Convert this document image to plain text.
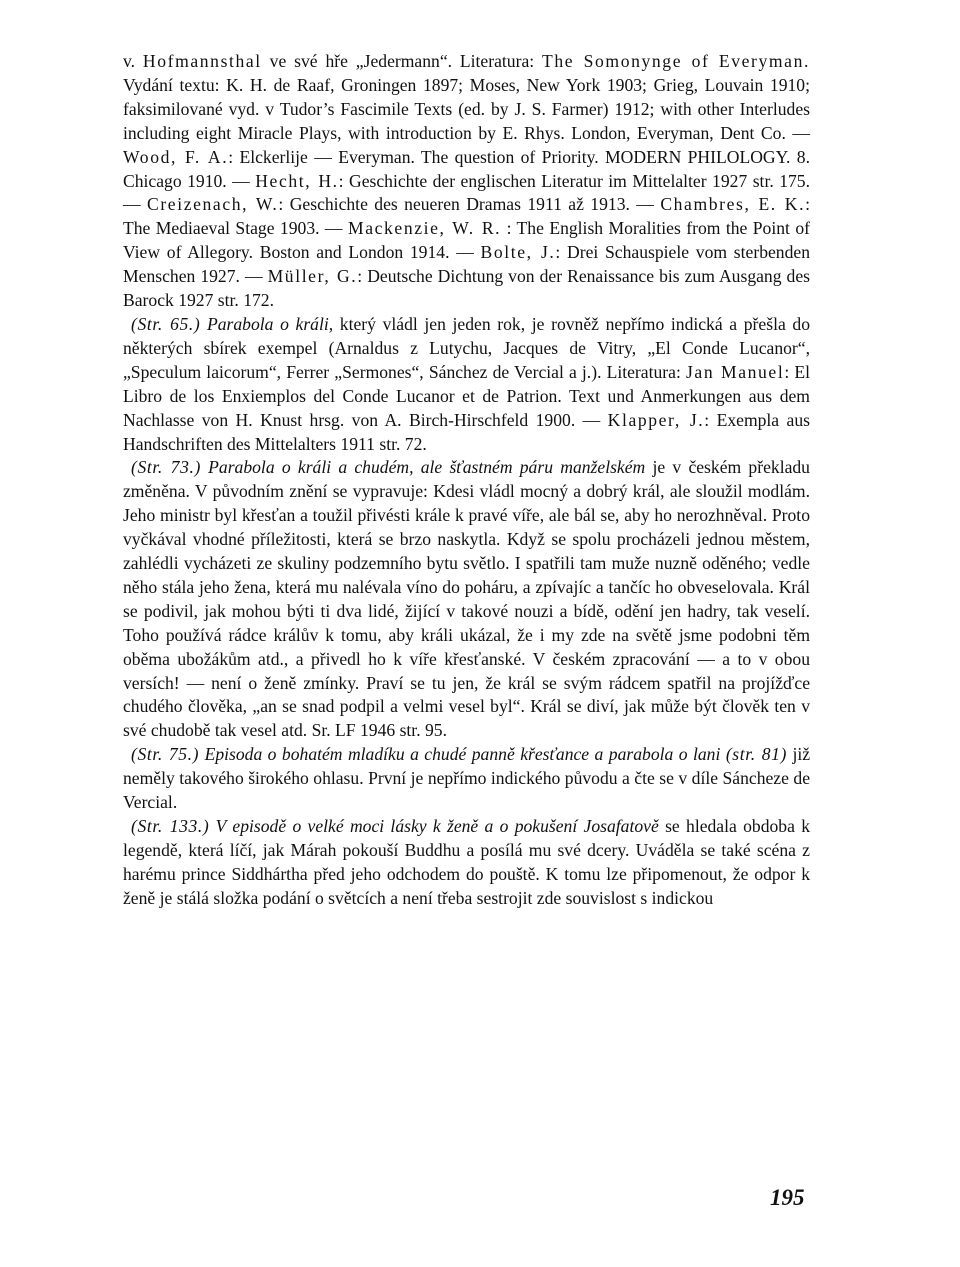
v. Hofmannsthal ve své hře „Jedermann“. Literatura: The Somonynge of Everyman. Vydání textu: K. H. de Raaf, Groningen 1897; Moses, New York 1903; Grieg, Louvain 1910; faksimilované vyd. v Tudor’s Fascimile Texts (ed. by J. S. Farmer) 1912; with other Interludes including eight Miracle Plays, with introduction by E. Rhys. London, Everyman, Dent Co. — Wood, F. A.: Elckerlije — Everyman. The question of Priority. MODERN PHILOLOGY. 8. Chicago 1910. — Hecht, H.: Geschichte der englischen Literatur im Mittelalter 1927 str. 175. — Creizenach, W.: Geschichte des neueren Dramas 1911 až 1913. — Chambres, E. K.: The Mediaeval Stage 1903. — Mackenzie, W. R. : The English Moralities from the Point of View of Allegory. Boston and London 1914. — Bolte, J.: Drei Schauspiele vom sterbenden Menschen 1927. — Müller, G.: Deutsche Dichtung von der Renaissance bis zum Ausgang des Barock 1927 str. 172.

(Str. 65.) Parabola o králi, který vládl jen jeden rok, je rovněž nepřímo indická a přešla do některých sbírek exempel (Arnaldus z Lutychu, Jacques de Vitry, „El Conde Lucanor“, „Speculum laicorum“, Ferrer „Sermones“, Sánchez de Vercial a j.). Literatura: Jan Manuel: El Libro de los Enxiemplos del Conde Lucanor et de Patrion. Text und Anmerkungen aus dem Nachlasse von H. Knust hrsg. von A. Birch-Hirschfeld 1900. — Klapper, J.: Exempla aus Handschriften des Mittelalters 1911 str. 72.

(Str. 73.) Parabola o králi a chudém, ale šťastném páru manželském je v českém překladu změněna. V původním znění se vypravuje: Kdesi vládl mocný a dobrý král, ale sloužil modlám. Jeho ministr byl křesťan a toužil přivésti krále k pravé víře, ale bál se, aby ho nerozhněval. Proto vyčkával vhodné příležitosti, která se brzo naskytla. Když se spolu procházeli jednou městem, zahlédli vycházeti ze skuliny podzemního bytu světlo. I spatřili tam muže nuzně oděného; vedle něho stála jeho žena, která mu nalévala víno do poháru, a zpívajíc a tančíc ho obveselovala. Král se podivil, jak mohou býti ti dva lidé, žijící v takové nouzi a bídě, odění jen hadry, tak veselí. Toho používá rádce králův k tomu, aby králi ukázal, že i my zde na světě jsme podobni těm oběma ubožákům atd., a přivedl ho k víře křesťanské. V českém zpracování — a to v obou versích! — není o ženě zmínky. Praví se tu jen, že král se svým rádcem spatřil na projížďce chudého člověka, „an se snad podpil a velmi vesel byl“. Král se diví, jak může být člověk ten v své chudobě tak vesel atd. Sr. LF 1946 str. 95.

(Str. 75.) Episoda o bohatém mladíku a chudé panně křesťance a parabola o lani (str. 81) již neměly takového širokého ohlasu. První je nepřímo indického původu a čte se v díle Sáncheze de Vercial.

(Str. 133.) V episodě o velké moci lásky k ženě a o pokušení Josafatově se hledala obdoba k legendě, která líčí, jak Márah pokouší Buddhu a posílá mu své dcery. Uváděla se také scéna z harému prince Siddhártha před jeho odchodem do pouště. K tomu lze připomenout, že odpor k ženě je stálá složka podání o světcích a není třeba sestrojit zde souvislost s indickou

195
